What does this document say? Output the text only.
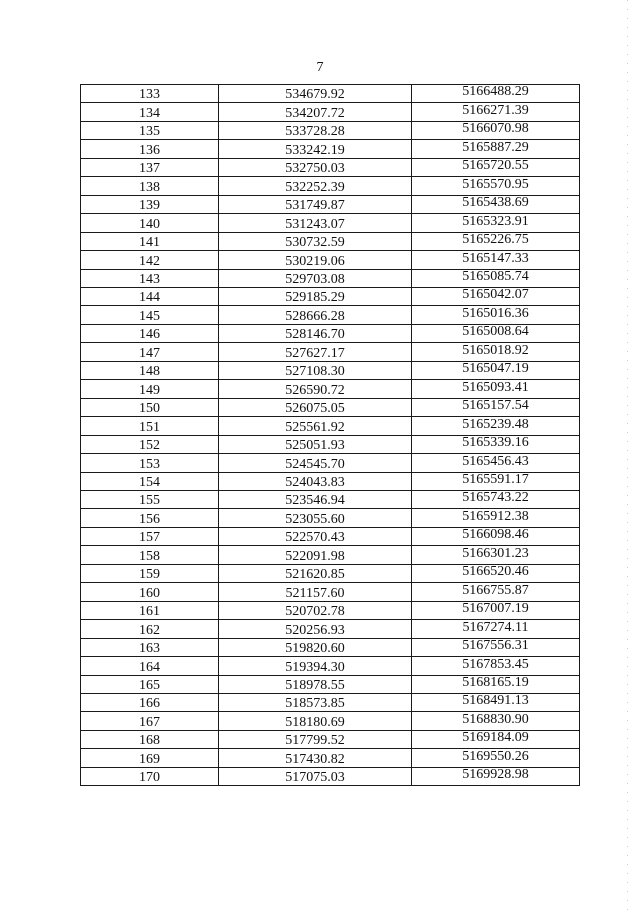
7
133	534679.92	5166488.29
134	534207.72	5166271.39
135	533728.28	5166070.98
136	533242.19	5165887.29
137	532750.03	5165720.55
138	532252.39	5165570.95
139	531749.87	5165438.69
140	531243.07	5165323.91
141	530732.59	5165226.75
142	530219.06	5165147.33
143	529703.08	5165085.74
144	529185.29	5165042.07
145	528666.28	5165016.36
146	528146.70	5165008.64
147	527627.17	5165018.92
148	527108.30	5165047.19
149	526590.72	5165093.41
150	526075.05	5165157.54
151	525561.92	5165239.48
152	525051.93	5165339.16
153	524545.70	5165456.43
154	524043.83	5165591.17
155	523546.94	5165743.22
156	523055.60	5165912.38
157	522570.43	5166098.46
158	522091.98	5166301.23
159	521620.85	5166520.46
160	521157.60	5166755.87
161	520702.78	5167007.19
162	520256.93	5167274.11
163	519820.60	5167556.31
164	519394.30	5167853.45
165	518978.55	5168165.19
166	518573.85	5168491.13
167	518180.69	5168830.90
168	517799.52	5169184.09
169	517430.82	5169550.26
170	517075.03	5169928.98
